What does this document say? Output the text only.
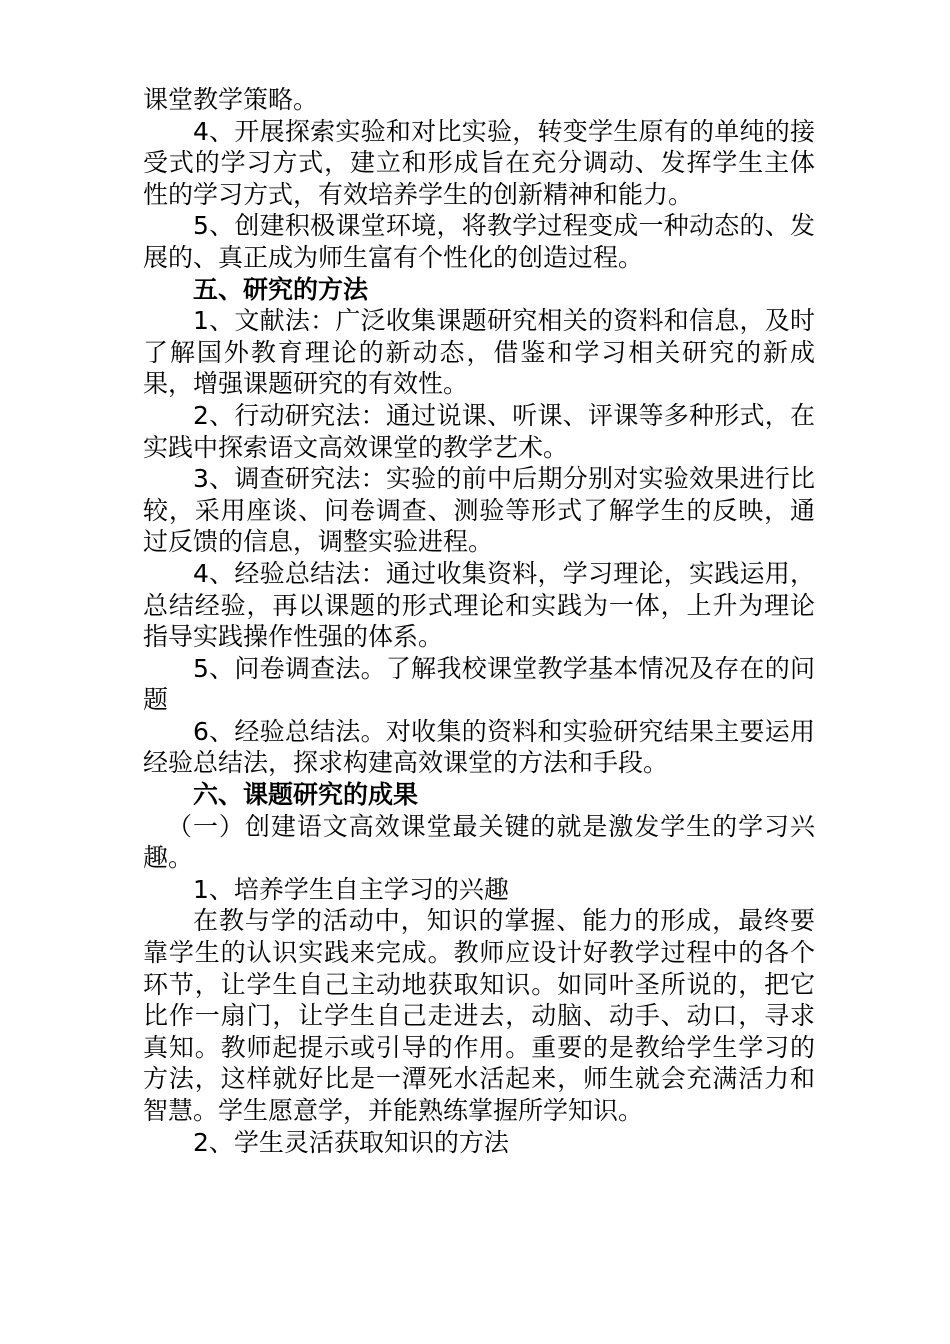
课堂教学策略。

4、开展探索实验和对比实验，转变学生原有的单纯的接受式的学习方式，建立和形成旨在充分调动、发挥学生主体性的学习方式，有效培养学生的创新精神和能力。

5、创建积极课堂环境，将教学过程变成一种动态的、发展的、真正成为师生富有个性化的创造过程。

五、研究的方法

1、文献法：广泛收集课题研究相关的资料和信息，及时了解国外教育理论的新动态，借鉴和学习相关研究的新成果，增强课题研究的有效性。

2、行动研究法：通过说课、听课、评课等多种形式，在实践中探索语文高效课堂的教学艺术。

3、调查研究法：实验的前中后期分别对实验效果进行比较，采用座谈、问卷调查、测验等形式了解学生的反映，通过反馈的信息，调整实验进程。

4、经验总结法：通过收集资料，学习理论，实践运用，总结经验，再以课题的形式理论和实践为一体，上升为理论指导实践操作性强的体系。

5、问卷调查法。了解我校课堂教学基本情况及存在的问题

6、经验总结法。对收集的资料和实验研究结果主要运用经验总结法，探求构建高效课堂的方法和手段。

六、课题研究的成果

（一）创建语文高效课堂最关键的就是激发学生的学习兴趣。

1、培养学生自主学习的兴趣

在教与学的活动中，知识的掌握、能力的形成，最终要靠学生的认识实践来完成。教师应设计好教学过程中的各个环节，让学生自己主动地获取知识。如同叶圣所说的，把它比作一扇门，让学生自己走进去，动脑、动手、动口，寻求真知。教师起提示或引导的作用。重要的是教给学生学习的方法，这样就好比是一潭死水活起来，师生就会充满活力和智慧。学生愿意学，并能熟练掌握所学知识。

2、学生灵活获取知识的方法
